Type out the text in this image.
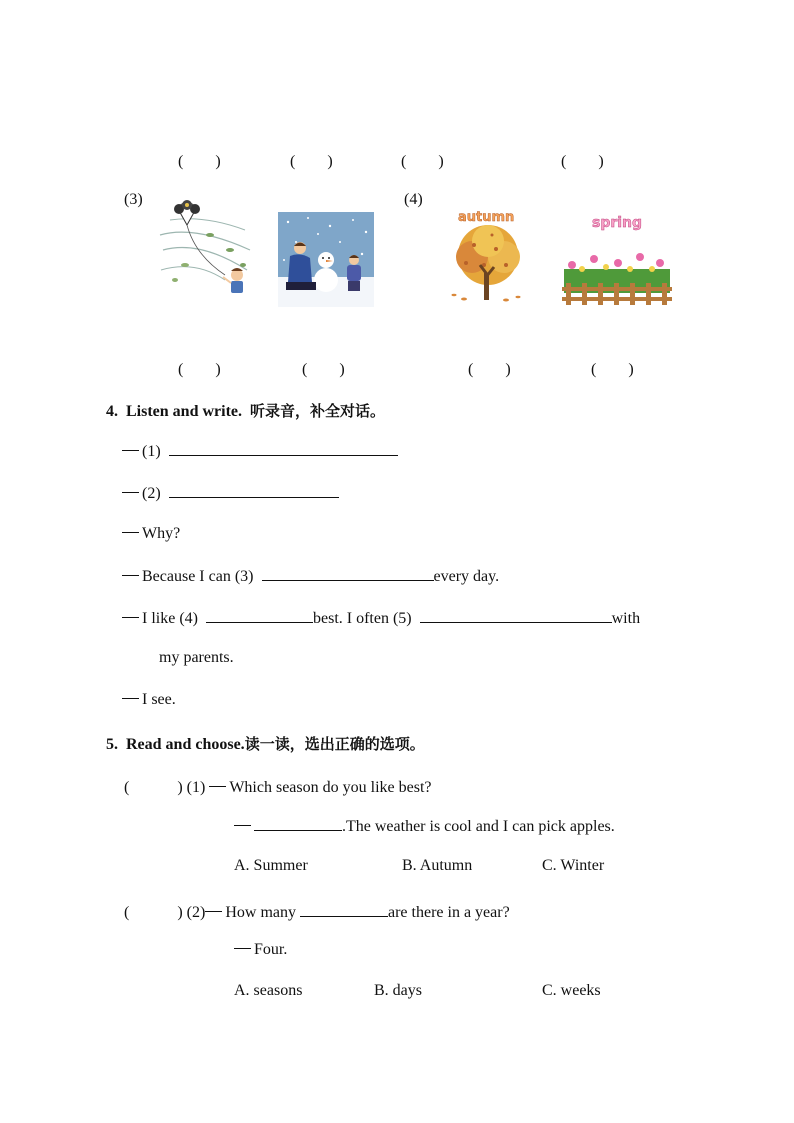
(　　)	(　　)	(　　)	(　　)
(3)	(4)
autumn	spring
(　　)	(　　)	(　　)	(　　)
4. Listen and write. 听录音，补全对话。
(1)
(2)
Why?
Because I can (3)	every day.
I like (4)	best. I often (5)	with
my parents.
I see.
5. Read and choose.读一读，选出正确的选项。
(　　　) (1) Which season do you like best?
.The weather is cool and I can pick apples.
A. Summer	B. Autumn	C. Winter
(　　　) (2) How many	are there in a year?
Four.
A. seasons	B. days	C. weeks
